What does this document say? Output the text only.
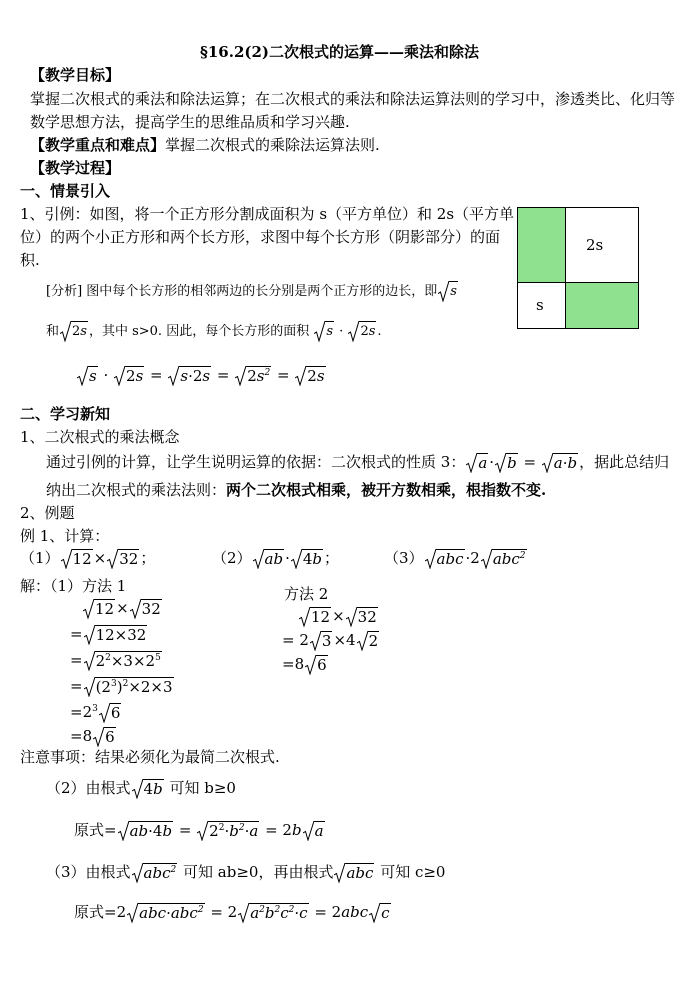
§16.2(2)二次根式的运算——乘法和除法
【教学目标】
掌握二次根式的乘法和除法运算；在二次根式的乘法和除法运算法则的学习中，渗透类比、化归等
数学思想方法，提高学生的思维品质和学习兴趣.
【教学重点和难点】掌握二次根式的乘除法运算法则.
【教学过程】
一、情景引入
1、引例：如图，将一个正方形分割成面积为 s（平方单位）和 2s（平方单
位）的两个小正方形和两个长方形，求图中每个长方形（阴影部分）的面
积.
2s
s
[分析] 图中每个长方形的相邻两边的长分别是两个正方形的边长，即 s
和 2s ，其中 s>0. 因此，每个长方形的面积 s · 2s .
s ·
2s =
s·2s =
$2s^2$ =
2s
二、学习新知
1、二次根式的乘法概念
通过引例的计算，让学生说明运算的依据：二次根式的性质 3： a · b =
a·b ，据此总结归
纳出二次根式的乘法法则：两个二次根式相乘，被开方数相乘，根指数不变.
2、例题
例 1、计算：
（1） 12 × 32 ；	（2） ab · 4b ；	（3） abc ·2 abc$^2$
解：（1）方法 1
12 × 32
= 12×32
= $2^2\times 3\times 2^5$
= $(2^3)^2\times 2\times 3$
$=2^3$ 6
=8 6
方法 2
12 × 32
= 2 3 ×4 2
=8 6
注意事项：结果必须化为最简二次根式.
（2）由根式 4b 可知 b≥0
原式= ab·4b =
$2^2\cdot b^2\cdot a = 2b$ a
（3）由根式 abc$^2$ 可知 ab≥0，再由根式 abc 可知 c≥0
原式=2 abc·abc$^2$ = 2 $a^2b^2c^2\cdot c = 2abc$ c
